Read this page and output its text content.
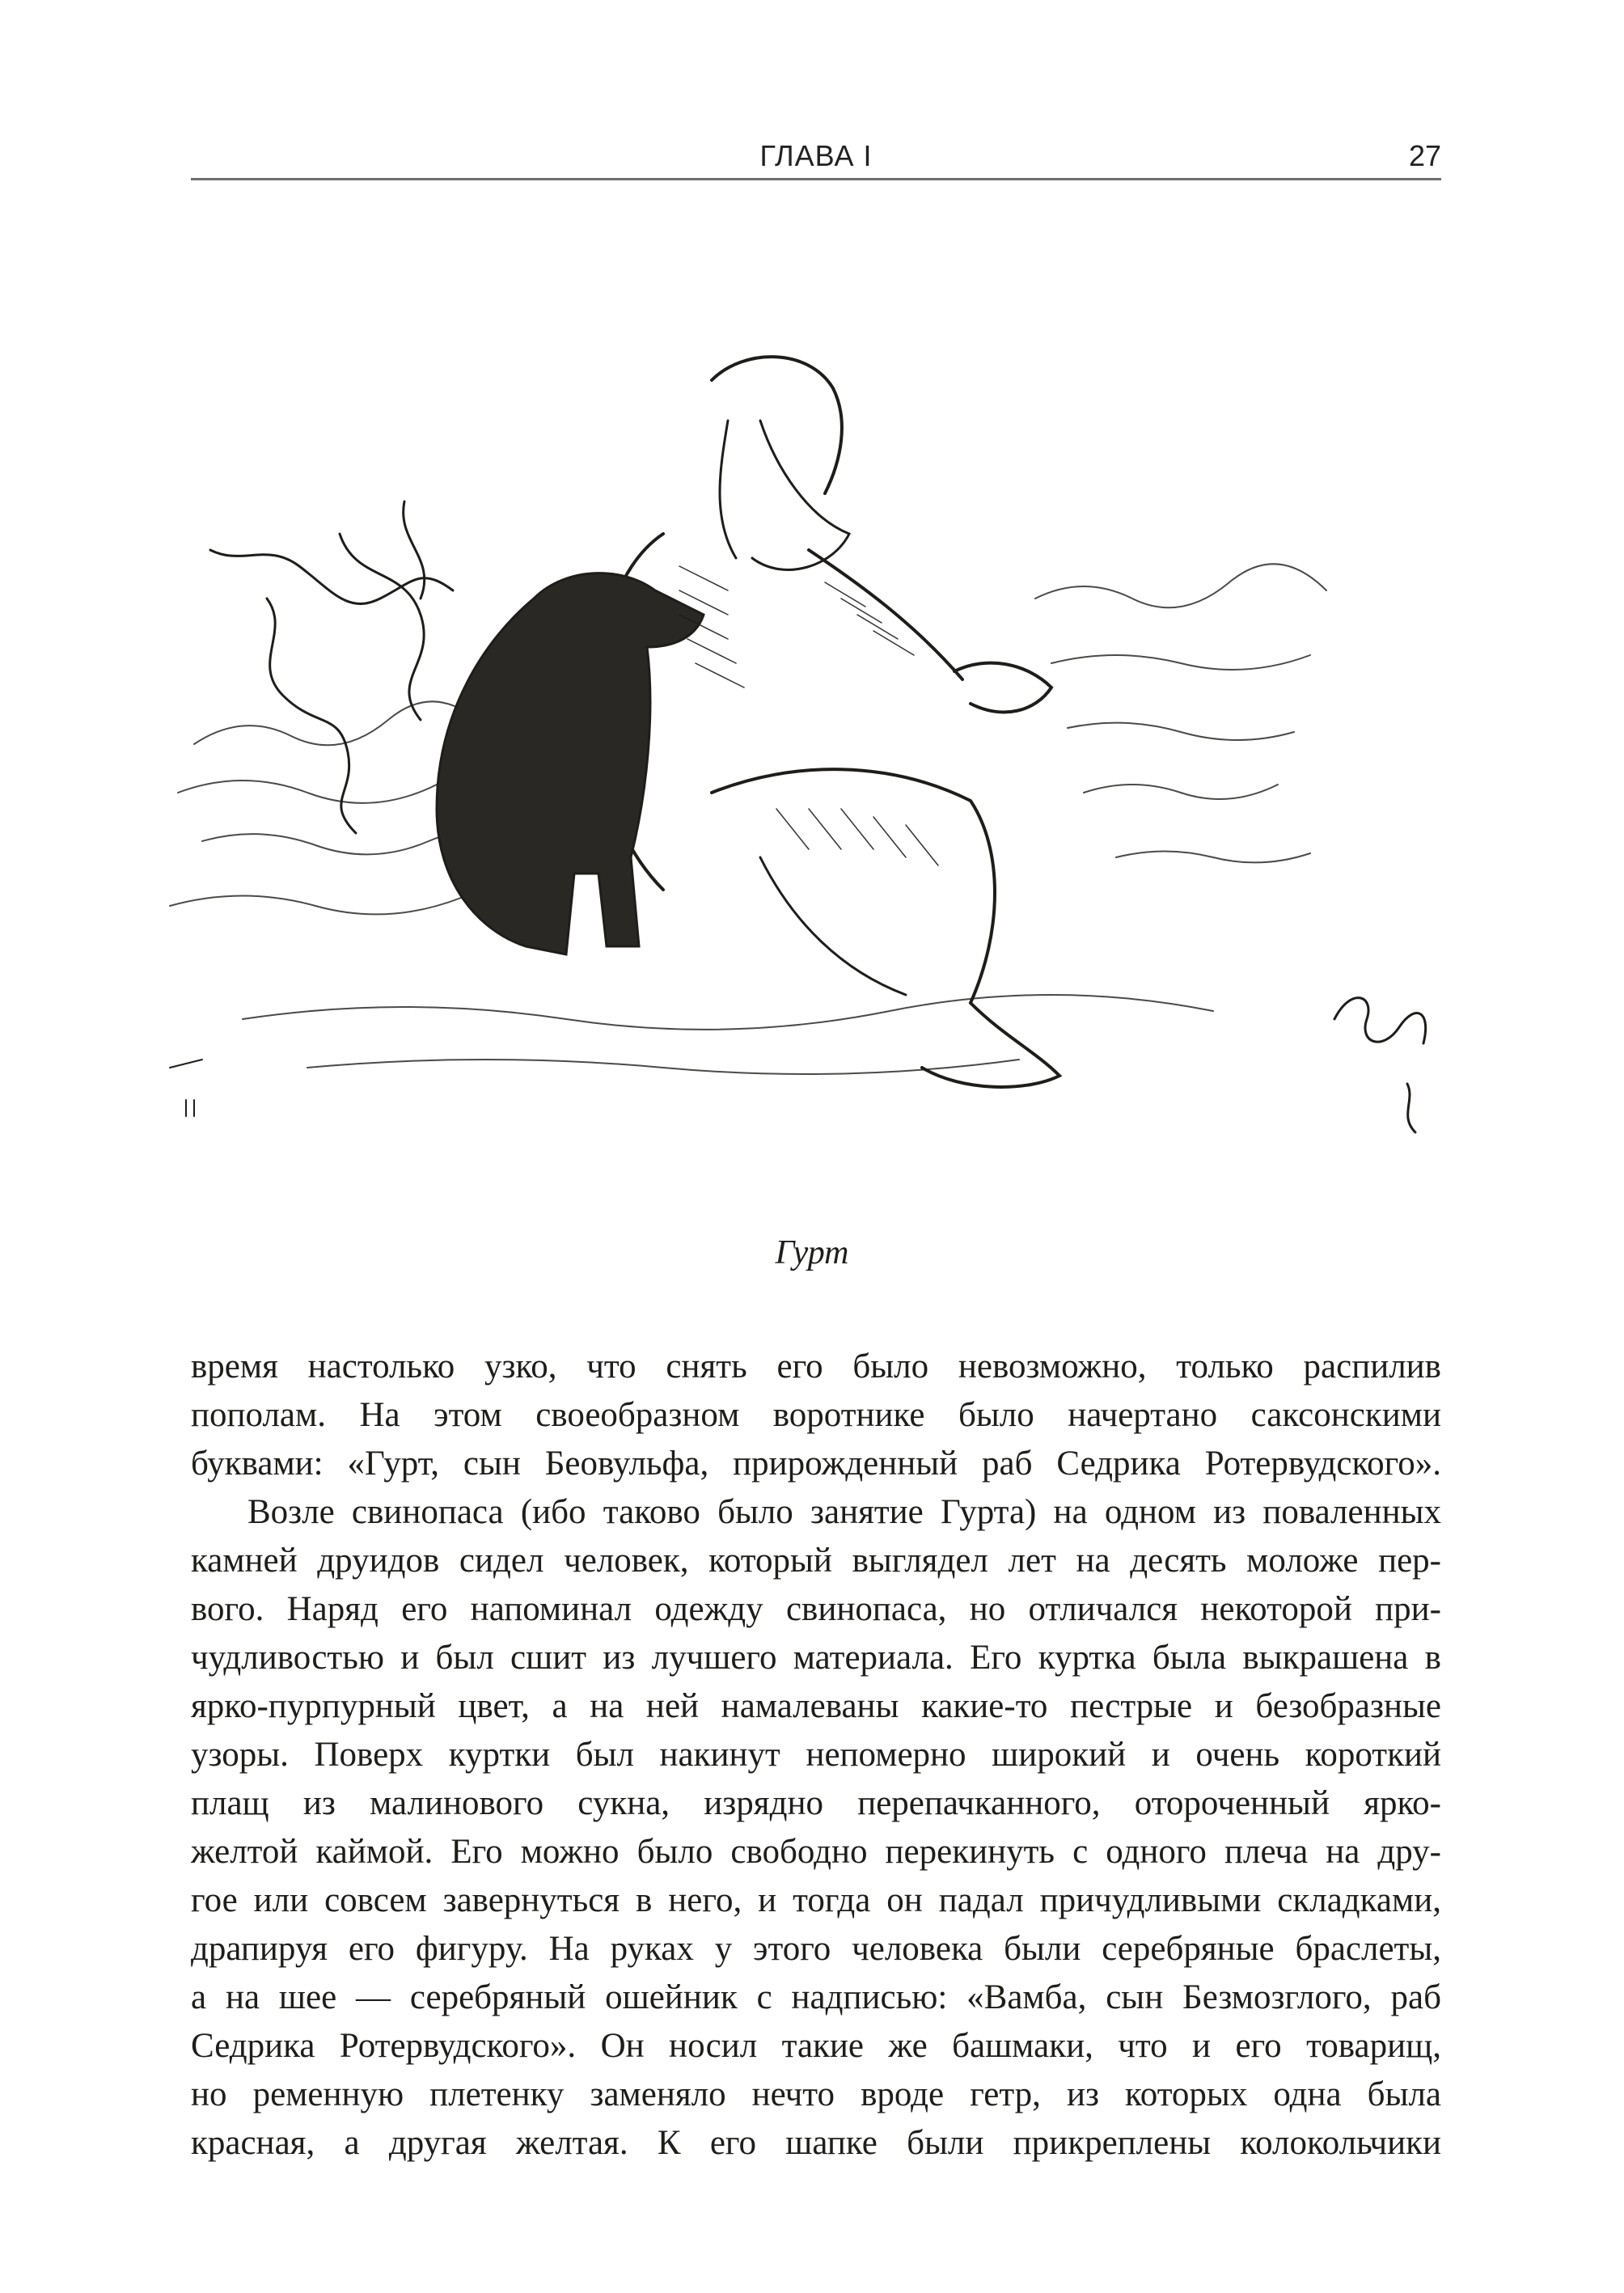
ГЛАВА I	27
Гурт
время настолько узко, что снять его было невозможно, только распилив
пополам. На этом своеобразном воротнике было начертано саксонскими
буквами: «Гурт, сын Беовульфа, прирожденный раб Седрика Ротервудского».
Возле свинопаса (ибо таково было занятие Гурта) на одном из поваленных
камней друидов сидел человек, который выглядел лет на десять моложе пер-
вого. Наряд его напоминал одежду свинопаса, но отличался некоторой при-
чудливостью и был сшит из лучшего материала. Его куртка была выкрашена в
ярко-пурпурный цвет, а на ней намалеваны какие-то пестрые и безобразные
узоры. Поверх куртки был накинут непомерно широкий и очень короткий
плащ из малинового сукна, изрядно перепачканного, отороченный ярко-
желтой каймой. Его можно было свободно перекинуть с одного плеча на дру-
гое или совсем завернуться в него, и тогда он падал причудливыми складками,
драпируя его фигуру. На руках у этого человека были серебряные браслеты,
а на шее — серебряный ошейник с надписью: «Вамба, сын Безмозглого, раб
Седрика Ротервудского». Он носил такие же башмаки, что и его товарищ,
но ременную плетенку заменяло нечто вроде гетр, из которых одна была
красная, а другая желтая. К его шапке были прикреплены колокольчики
